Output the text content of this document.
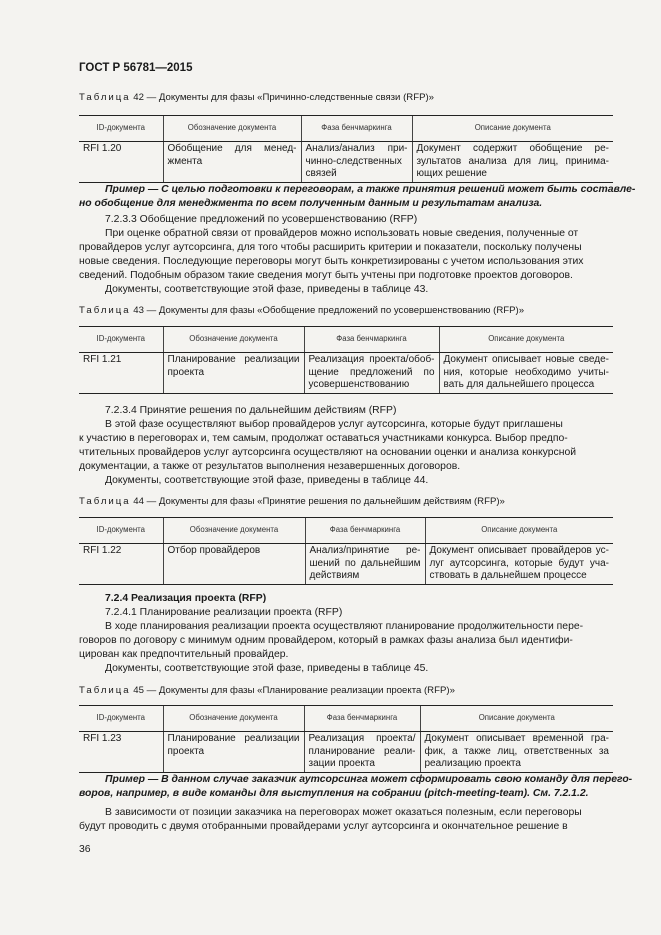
ГОСТ Р 56781—2015
Таблица 42 — Документы для фазы «Причинно-следственные связи (RFP)»
ID-документа	Обозначение документа	Фаза бенчмаркинга	Описание документа
RFI 1.20	Обобщение для менед-жмента	Анализ/анализ при-чинно-следственных связей	Документ содержит обобщение ре-зультатов анализа для лиц, принима-ющих решение
Пример — С целью подготовки к переговорам, а также принятия решений может быть составле-
но обобщение для менеджмента по всем полученным данным и результатам анализа.
7.2.3.3 Обобщение предложений по усовершенствованию (RFP)
При оценке обратной связи от провайдеров можно использовать новые сведения, полученные от
провайдеров услуг аутсорсинга, для того чтобы расширить критерии и показатели, поскольку получены
новые сведения. Последующие переговоры могут быть конкретизированы с учетом использования этих
сведений. Подобным образом такие сведения могут быть учтены при подготовке проектов договоров.
Документы, соответствующие этой фазе, приведены в таблице 43.
Таблица 43 — Документы для фазы «Обобщение предложений по усовершенствованию (RFP)»
ID-документа	Обозначение документа	Фаза бенчмаркинга	Описание документа
RFI 1.21	Планирование реализации проекта	Реализация проекта/обоб-щение предложений по усовершенствованию	Документ описывает новые сведе-ния, которые необходимо учиты-вать для дальнейшего процесса
7.2.3.4 Принятие решения по дальнейшим действиям (RFP)
В этой фазе осуществляют выбор провайдеров услуг аутсорсинга, которые будут приглашены
к участию в переговорах и, тем самым, продолжат оставаться участниками конкурса. Выбор предпо-
чтительных провайдеров услуг аутсорсинга осуществляют на основании оценки и анализа конкурсной
документации, а также от результатов выполнения незавершенных договоров.
Документы, соответствующие этой фазе, приведены в таблице 44.
Таблица 44 — Документы для фазы «Принятие решения по дальнейшим действиям (RFP)»
ID-документа	Обозначение документа	Фаза бенчмаркинга	Описание документа
RFI 1.22	Отбор провайдеров	Анализ/принятие ре-шений по дальнейшим действиям	Документ описывает провайдеров ус-луг аутсорсинга, которые будут уча-ствовать в дальнейшем процессе
7.2.4 Реализация проекта (RFP)
7.2.4.1 Планирование реализации проекта (RFP)
В ходе планирования реализации проекта осуществляют планирование продолжительности пере-
говоров по договору с минимум одним провайдером, который в рамках фазы анализа был идентифи-
цирован как предпочтительный провайдер.
Документы, соответствующие этой фазе, приведены в таблице 45.
Таблица 45 — Документы для фазы «Планирование реализации проекта (RFP)»
ID-документа	Обозначение документа	Фаза бенчмаркинга	Описание документа
RFI 1.23	Планирование реализации проекта	Реализация проекта/ планирование реали-зации проекта	Документ описывает временной гра-фик, а также лиц, ответственных за реализацию проекта
Пример — В данном случае заказчик аутсорсинга может сформировать свою команду для перего-
воров, например, в виде команды для выступления на собрании (pitch-meeting-team). См. 7.2.1.2.
В зависимости от позиции заказчика на переговорах может оказаться полезным, если переговоры
будут проводить с двумя отобранными провайдерами услуг аутсорсинга и окончательное решение в
36
